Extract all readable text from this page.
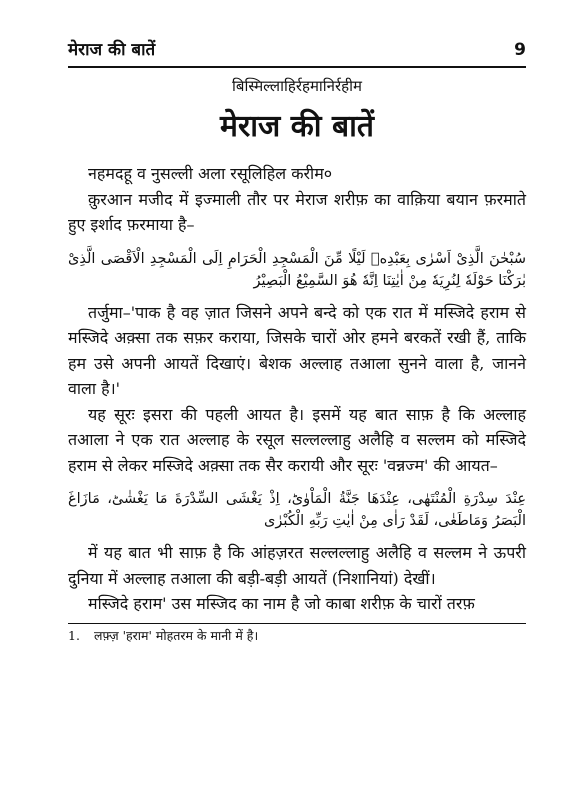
मेराज की बातें	9
बिस्मिल्लाहिर्रहमानिर्रहीम
मेराज की बातें
नहमदहू व नुसल्ली अला रसूलिहिल करीम०
क़ुरआन मजीद में इज्माली तौर पर मेराज शरीफ़ का वाक़िया बयान फ़रमाते हुए इर्शाद फ़रमाया है–
سُبْحٰنَ الَّذِیْ اَسْرٰی بِعَبْدِهٖ لَیْلًا مِّنَ الْمَسْجِدِ الْحَرَامِ اِلَی الْمَسْجِدِ الْاَقْصَی الَّذِیْ بٰرَكْنَا حَوْلَهٗ لِنُرِیَهٗ مِنْ اٰیٰتِنَا اِنَّهٗ هُوَ السَّمِیْعُ الْبَصِیْرُ
तर्जुमा–'पाक है वह ज़ात जिसने अपने बन्दे को एक रात में मस्जिदे हराम से मस्जिदे अक़्सा तक सफ़र कराया, जिसके चारों ओर हमने बरकतें रखी हैं, ताकि हम उसे अपनी आयतें दिखाएं। बेशक अल्लाह तआला सुनने वाला है, जानने वाला है।'
यह सूरः इसरा की पहली आयत है। इसमें यह बात साफ़ है कि अल्लाह तआला ने एक रात अल्लाह के रसूल सल्लल्लाहु अलैहि व सल्लम को मस्जिदे हराम से लेकर मस्जिदे अक़्सा तक सैर करायी और सूरः 'वन्नज्म' की आयत–
عِنْدَ سِدْرَةِ الْمُنْتَهٰی، عِنْدَهَا جَنَّةُ الْمَاْوٰیؕ، اِذْ یَغْشَی السِّدْرَةَ مَا یَغْشٰیؕ، مَازَاغَ الْبَصَرُ وَمَاطَغٰی، لَقَدْ رَاٰی مِنْ اٰیٰتِ رَبِّهِ الْكُبْرٰی
में यह बात भी साफ़ है कि आंहज़रत सल्लल्लाहु अलैहि व सल्लम ने ऊपरी दुनिया में अल्लाह तआला की बड़ी-बड़ी आयतें (निशानियां) देखीं।
मस्जिदे हराम' उस मस्जिद का नाम है जो काबा शरीफ़ के चारों तरफ़
1. लफ़्ज़ 'हराम' मोहतरम के मानी में है।
